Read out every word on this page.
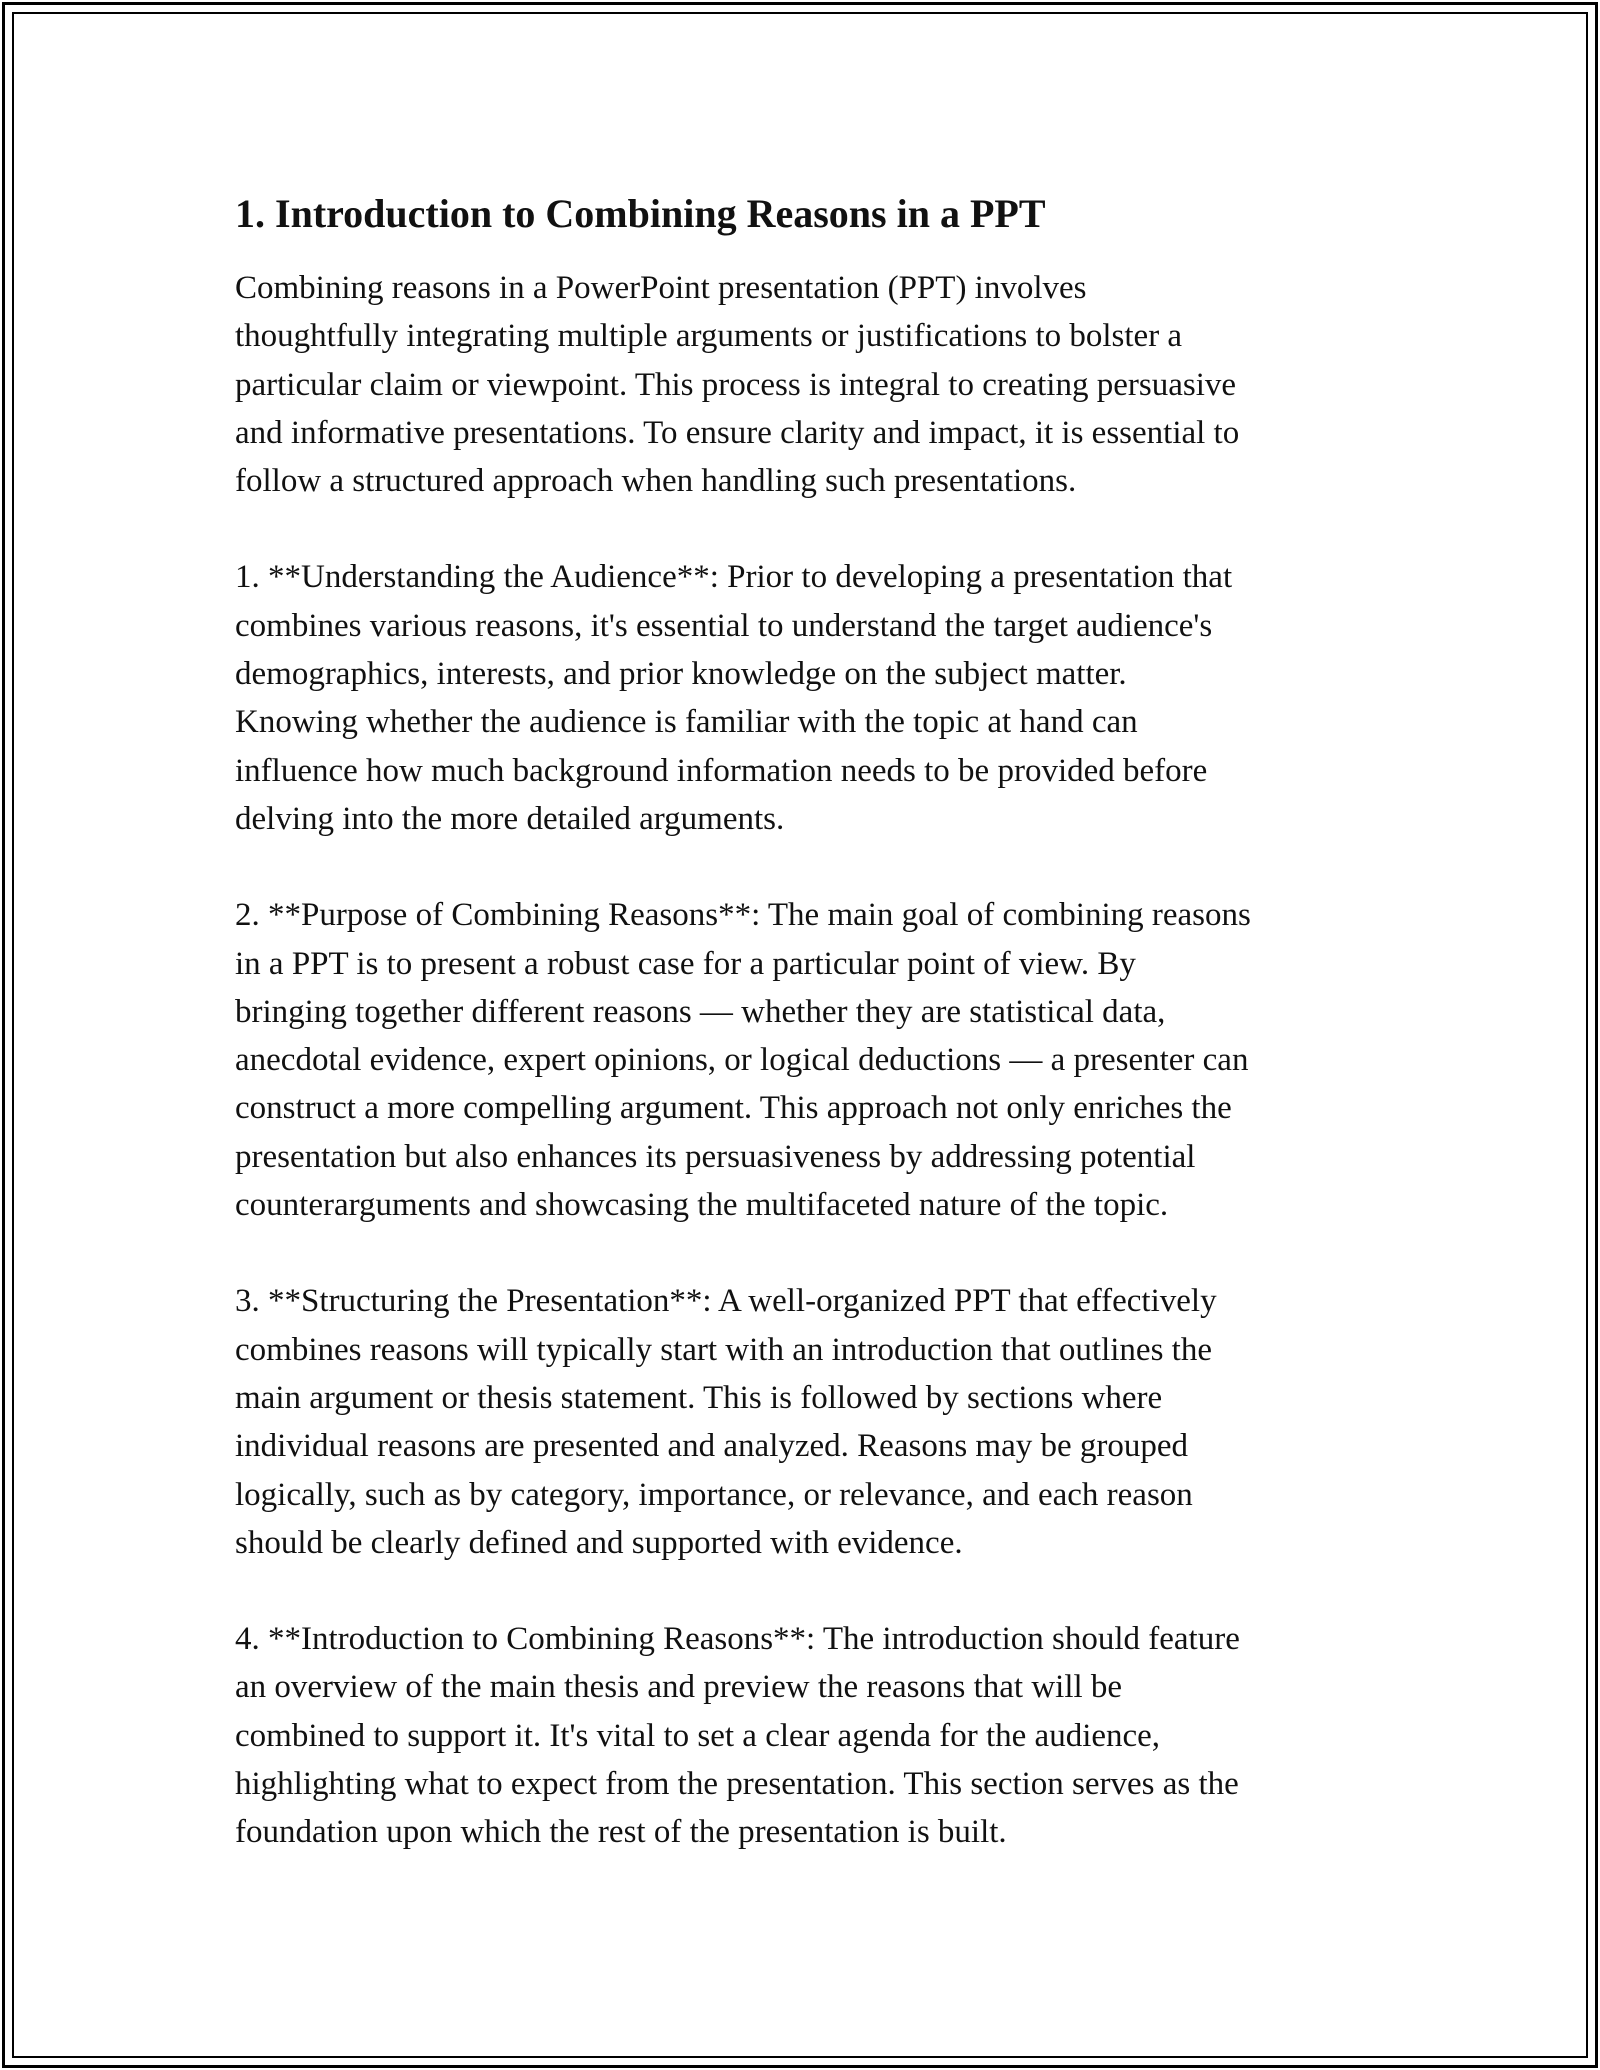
1. Introduction to Combining Reasons in a PPT

Combining reasons in a PowerPoint presentation (PPT) involves
thoughtfully integrating multiple arguments or justifications to bolster a
particular claim or viewpoint. This process is integral to creating persuasive
and informative presentations. To ensure clarity and impact, it is essential to
follow a structured approach when handling such presentations.

1. **Understanding the Audience**: Prior to developing a presentation that
combines various reasons, it's essential to understand the target audience's
demographics, interests, and prior knowledge on the subject matter.
Knowing whether the audience is familiar with the topic at hand can
influence how much background information needs to be provided before
delving into the more detailed arguments.

2. **Purpose of Combining Reasons**: The main goal of combining reasons
in a PPT is to present a robust case for a particular point of view. By
bringing together different reasons — whether they are statistical data,
anecdotal evidence, expert opinions, or logical deductions — a presenter can
construct a more compelling argument. This approach not only enriches the
presentation but also enhances its persuasiveness by addressing potential
counterarguments and showcasing the multifaceted nature of the topic.

3. **Structuring the Presentation**: A well-organized PPT that effectively
combines reasons will typically start with an introduction that outlines the
main argument or thesis statement. This is followed by sections where
individual reasons are presented and analyzed. Reasons may be grouped
logically, such as by category, importance, or relevance, and each reason
should be clearly defined and supported with evidence.

4. **Introduction to Combining Reasons**: The introduction should feature
an overview of the main thesis and preview the reasons that will be
combined to support it. It's vital to set a clear agenda for the audience,
highlighting what to expect from the presentation. This section serves as the
foundation upon which the rest of the presentation is built.
